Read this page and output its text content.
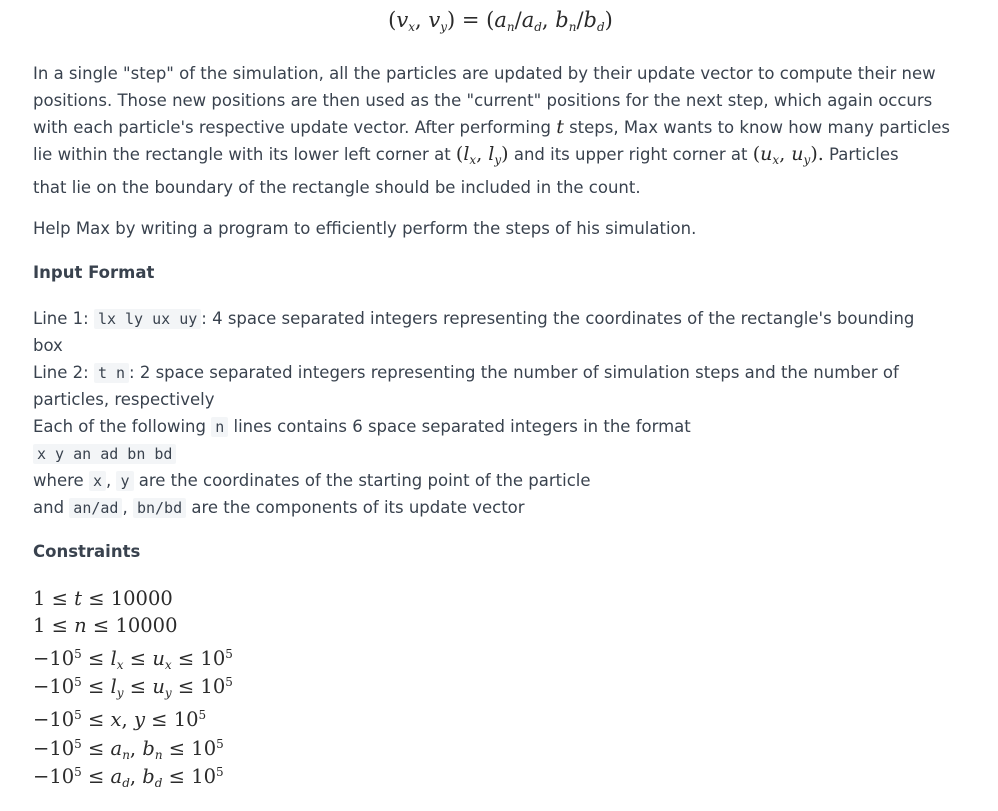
($v_x$, $v_y) = (a_n/a_d$, $b_n/b_d$)
In a single "step" of the simulation, all the particles are updated by their update vector to compute their new
positions. Those new positions are then used as the "current" positions for the next step, which again occurs
with each particle's respective update vector. After performing t steps, Max wants to know how many particles
lie within the rectangle with its lower left corner at ($l_x$, $l_y$) and its upper right corner at ($u_x$, $u_y$). Particles
that lie on the boundary of the rectangle should be included in the count.
Help Max by writing a program to efficiently perform the steps of his simulation.
Input Format
Line 1: lx ly ux uy : 4 space separated integers representing the coordinates of the rectangle's bounding
box
Line 2: t n : 2 space separated integers representing the number of simulation steps and the number of
particles, respectively
Each of the following n lines contains 6 space separated integers in the format
x y an ad bn bd
where x , y are the coordinates of the starting point of the particle
and an/ad , bn/bd are the components of its update vector
Constraints
1 ≤ t ≤ 10000
1 ≤ n ≤ 10000
$-10^5 \le l_x \le u_x \le 10^5$
$-10^5 \le l_y \le u_y \le 10^5$
$-10^5 \le x$, $y \le 10^5$
$-10^5 \le a_n$, $b_n \le 10^5$
$-10^5 \le a_d$, $b_d \le 10^5$
